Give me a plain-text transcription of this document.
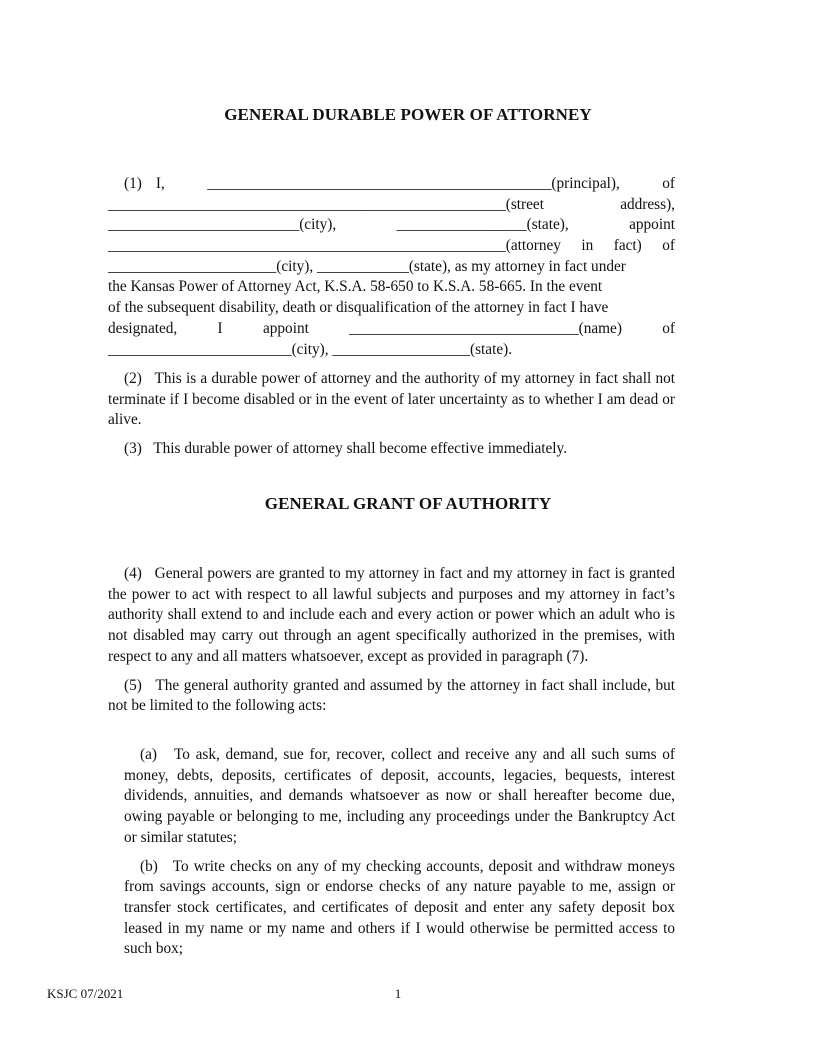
GENERAL DURABLE POWER OF ATTORNEY
(1) I,	_____________________________________________(principal),	of
____________________________________________________(street	address),
_________________________(city),	_________________(state),	appoint
____________________________________________________(attorney in fact) of
______________________(city), ____________(state), as my attorney in fact under
the Kansas Power of Attorney Act, K.S.A. 58-650 to K.S.A. 58-665. In the event
of the subsequent disability, death or disqualification of the attorney in fact I have
designated,	I	appoint	______________________________(name)	of
________________________(city), __________________(state).

(2)   This is a durable power of attorney and the authority of my attorney in fact shall not terminate if I become disabled or in the event of later uncertainty as to whether I am dead or alive.

(3)   This durable power of attorney shall become effective immediately.

GENERAL GRANT OF AUTHORITY

(4)   General powers are granted to my attorney in fact and my attorney in fact is granted the power to act with respect to all lawful subjects and purposes and my attorney in fact’s authority shall extend to and include each and every action or power which an adult who is not disabled may carry out through an agent specifically authorized in the premises, with respect to any and all matters whatsoever, except as provided in paragraph (7).

(5)   The general authority granted and assumed by the attorney in fact shall include, but not be limited to the following acts:

(a)   To ask, demand, sue for, recover, collect and receive any and all such sums of money, debts, deposits, certificates of deposit, accounts, legacies, bequests, interest dividends, annuities, and demands whatsoever as now or shall hereafter become due, owing payable or belonging to me, including any proceedings under the Bankruptcy Act or similar statutes;

(b)   To write checks on any of my checking accounts, deposit and withdraw moneys from savings accounts, sign or endorse checks of any nature payable to me, assign or transfer stock certificates, and certificates of deposit and enter any safety deposit box leased in my name or my name and others if I would otherwise be permitted access to such box;

KSJC 07/2021	1
